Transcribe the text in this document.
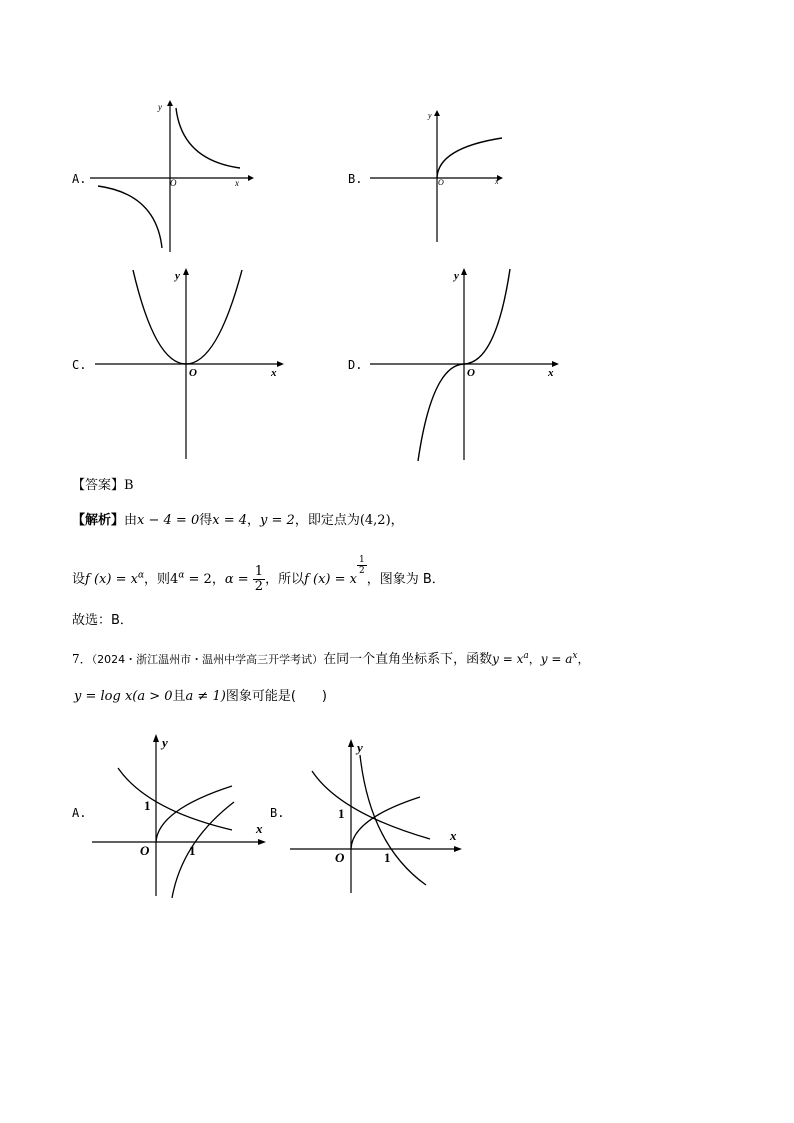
A.	x
y
O	B.	x
y
O
C.
x
y
O
D.
x
y
O
【答案】B
【解析】由x − 4 = 0得x = 4，y = 2，即定点为(4,2)，
设f $(x) = x^\alpha$，则$4^\alpha = 2$，$\alpha = \frac{1}{2}$ ，所以f (x) = x
$\frac{1}{2}$
，图象为 B．
故选：B．
7．（2024・浙江温州市・温州中学高三开学考试）在同一个直角坐标系下，函数$y = x^a$，$y = a^x$，
y = log x(a > 0且a ≠ 1)图象可能是(　　)
A.
x
y
O
1
1
B.
x
y
O
1
1
